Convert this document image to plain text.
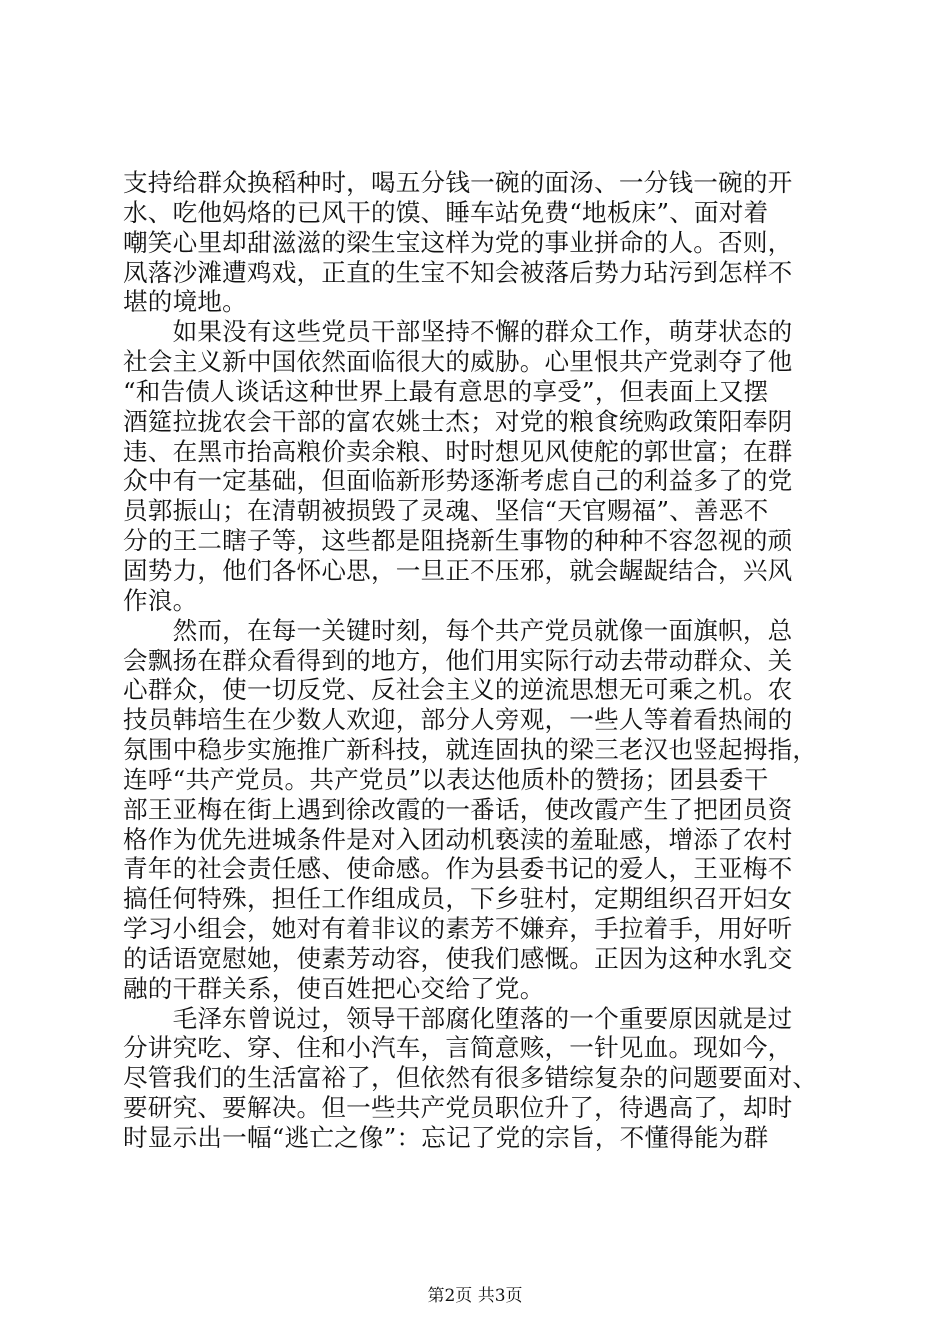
支持给群众换稻种时，喝五分钱一碗的面汤、一分钱一碗的开
水、吃他妈烙的已风干的馍、睡车站免费“地板床”、面对着
嘲笑心里却甜滋滋的梁生宝这样为党的事业拼命的人。否则，
凤落沙滩遭鸡戏，正直的生宝不知会被落后势力玷污到怎样不
堪的境地。
　　如果没有这些党员干部坚持不懈的群众工作，萌芽状态的
社会主义新中国依然面临很大的威胁。心里恨共产党剥夺了他
“和告债人谈话这种世界上最有意思的享受”，但表面上又摆
酒筵拉拢农会干部的富农姚士杰；对党的粮食统购政策阳奉阴
违、在黑市抬高粮价卖余粮、时时想见风使舵的郭世富；在群
众中有一定基础，但面临新形势逐渐考虑自己的利益多了的党
员郭振山；在清朝被损毁了灵魂、坚信“天官赐福”、善恶不
分的王二瞎子等，这些都是阻挠新生事物的种种不容忽视的顽
固势力，他们各怀心思，一旦正不压邪，就会龌龊结合，兴风
作浪。
　　然而，在每一关键时刻，每个共产党员就像一面旗帜，总
会飘扬在群众看得到的地方，他们用实际行动去带动群众、关
心群众，使一切反党、反社会主义的逆流思想无可乘之机。农
技员韩培生在少数人欢迎，部分人旁观，一些人等着看热闹的
氛围中稳步实施推广新科技，就连固执的梁三老汉也竖起拇指，
连呼“共产党员。共产党员”以表达他质朴的赞扬；团县委干
部王亚梅在街上遇到徐改霞的一番话，使改霞产生了把团员资
格作为优先进城条件是对入团动机亵渎的羞耻感，增添了农村
青年的社会责任感、使命感。作为县委书记的爱人，王亚梅不
搞任何特殊，担任工作组成员，下乡驻村，定期组织召开妇女
学习小组会，她对有着非议的素芳不嫌弃，手拉着手，用好听
的话语宽慰她，使素芳动容，使我们感慨。正因为这种水乳交
融的干群关系，使百姓把心交给了党。
　　毛泽东曾说过，领导干部腐化堕落的一个重要原因就是过
分讲究吃、穿、住和小汽车，言简意赅，一针见血。现如今，
尽管我们的生活富裕了，但依然有很多错综复杂的问题要面对、
要研究、要解决。但一些共产党员职位升了，待遇高了，却时
时显示出一幅“逃亡之像”：忘记了党的宗旨，不懂得能为群
第2页 共3页
